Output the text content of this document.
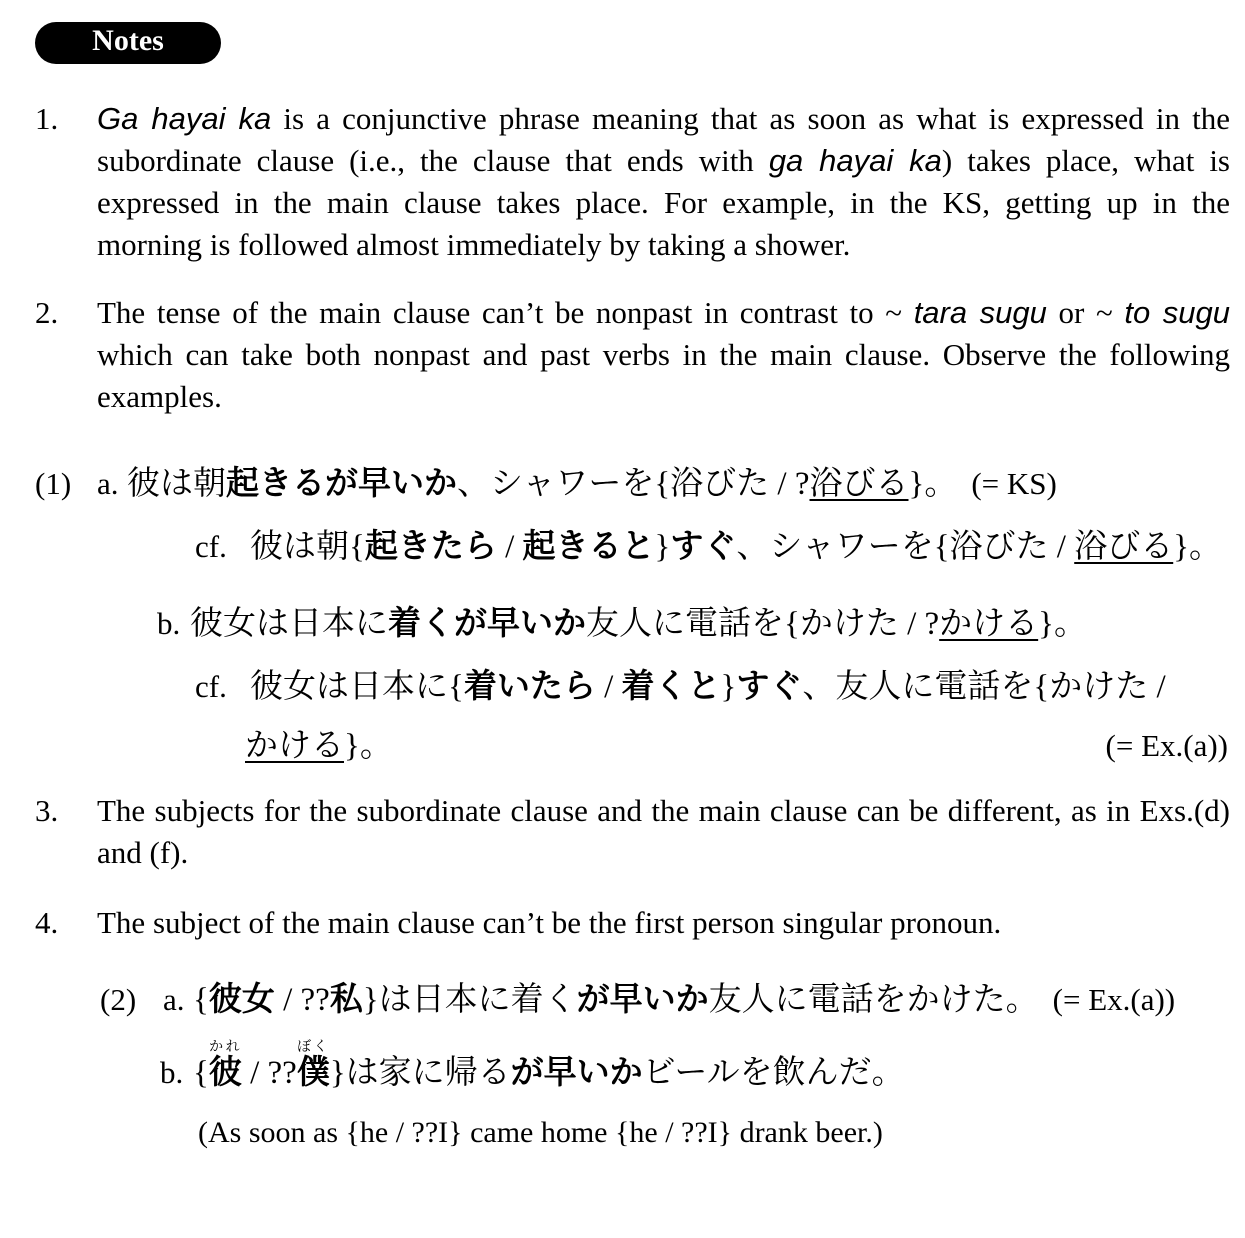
Notes
1.	Ga hayai ka is a conjunctive phrase meaning that as soon as what is expressed in the subordinate clause (i.e., the clause that ends with ga hayai ka) takes place, what is expressed in the main clause takes place. For example, in the KS, getting up in the morning is followed almost immediately by taking a shower.
2.	The tense of the main clause can’t be nonpast in contrast to ~ tara sugu or ~ to sugu which can take both nonpast and past verbs in the main clause. Observe the following examples.
(1) a. 彼は朝起きるが早いか、シャワーを{浴びた / ?浴びる}。 (= KS)
cf. 彼は朝{起きたら / 起きると}すぐ、シャワーを{浴びた / 浴びる}。
b. 彼女は日本に着くが早いか友人に電話を{かけた / ?かける}。
cf. 彼女は日本に{着いたら / 着くと}すぐ、友人に電話を{かけた /
かける}。	(= Ex.(a))
3.	The subjects for the subordinate clause and the main clause can be different, as in Exs.(d) and (f).
4.	The subject of the main clause can’t be the first person singular pronoun.
(2) a. {彼女 / ??私}は日本に着くが早いか友人に電話をかけた。 (= Ex.(a))
b. {彼かれ / ??僕ぼく}は家に帰るが早いかビールを飲んだ。
(As soon as {he / ??I} came home {he / ??I} drank beer.)
